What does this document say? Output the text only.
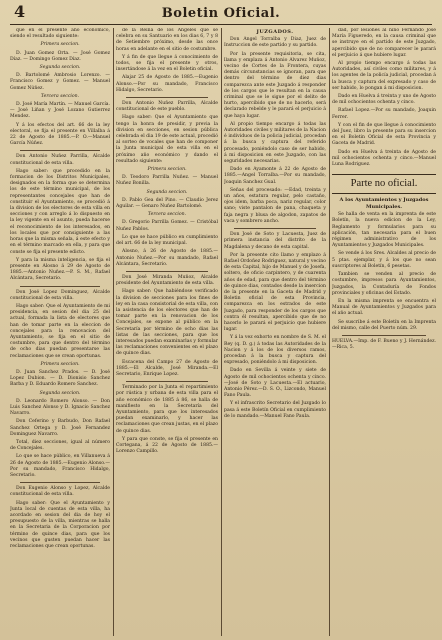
4	Boletin Oficial.

qué en el presente año económico, siendo el resultado siguiente:

Primera seccion.

D. Juan Gomez Orta. — José Gomez Díaz. — Domingo Gomez Díaz.

Segunda seccion.

D. Bartolomé Ambrosio Lorenzo. — Francisco Gomez y Gomez. — Manuel Gomez Núñez.

Tercera seccion.

D. José María Martín. — Manuel García. — José Liñan y José Lozano Gutierrez Mendez.

Y á los efectos del art. 66 de la ley electoral, se fija el presente en Villalba á 22 de Agosto de 1885.—P. O.—Manuel García Núñez.

Don Antonio Nuñez Parrilla, Alcalde constitucional de esta villa.

Hago saber: que procedido en la formacion de los Distritos Municipales, designados en la forma que se determina los de este término municipal, de los representantes concejales que han de constituir el Ayuntamiento, se procedió á la division de los electores de esta villa en secciones y con arreglo á lo dispuesto en la ley vigente en el asunto, pueda hacerse el reconocimiento de los interesados, en los locales que por consiguiente a las horas que la misma señala, á este efecto y en el término marcado en ella, y para que conste se fija el presente edicto.

Y para la misma inteligencia, se fija el presente en Alosno á 29 de Agosto de 1885.—Antonio Nuñez.—P. S. M., Rafael Alcántara, Secretario.

Don José Lopez Dominguez, Alcalde constitucional de esta villa.

Hago saber: Que el Ayuntamiento de mi presidencia, en sesion del dia 25 del actual, formada la lista de electores que han de tomar parte en la eleccion de concejales para la renovacion del Ayuntamiento, se fija en el sitio de costumbre, para que dentro del término de ocho dias puedan presentarse las reclamaciones que se crean oportunas.

Primera seccion.

D. Juan Sanchez Prados. — D. José Lopez Dubion. — D. Dionisio Sanchez Barba y D. Eduardo Romero Sanchez.

Segunda seccion.

D. Leonardo Romero Alonso. — Don Luis Sanchez Alonso y D. Ignacio Sanchez Navarro.

Don Ceferino y Barbudo, Don Rafael Sanchez Ortega y D. José Fernandez Dominguez Navarro.

Total, diez secciones, igual al número de Concejales.

Lo que se hace público, en Villanueva á 26 de Agosto de 1885.—Eugenio Alonso.—Por su mandado, Francisco Hidalgo, Secretario.

Don Eugenio Alonso y Lopez, Alcalde constitucional de esta villa.

Hago saber: Que el Ayuntamiento y Junta local de cuentas de esta villa, ha acordado en sesion del dia de hoy el presupuesto de la villa, mientras se halla en la Secretaria de la Corporacion por término de quince dias, para que los vecinos que gusten puedan hacer las reclamaciones que crean oportunas.

de la Reina de los Angeles que se celebra en su Santuario en los dias 6, 7 y 8 de Setiembre próximo, desde las once horas en adelante en el sitio de costumbre.

Y á fin de que llegue á conocimiento de todos, se fija el presente y otros, insertándose á la vez en el Boletin oficial.

Alajar 25 de Agosto de 1885.—Eugenio Alonso.—Por su mandado, Francisco Hidalgo, Secretario.

Don Antonio Nuñez Parrilla, Alcalde constitucional de este pueblo.

Hago saber: Que el Ayuntamiento que tengo la honra de presidir, y previa la division en secciones, en sesion pública celebrada el dia 19 de este actual, procedió al sorteo de vocales que han de componer la Junta municipal de esta villa en el próximo año económico y dando el resultado siguiente:

Primera seccion.

D. Teodoro Parrilla Nuñez. — Manuel Nuñez Bonilla.

Segunda seccion.

D. Pablo Gea del Pino. — Claudio Jerez Aguilar. — Genaro Nuñez Bartolomé.

Tercera seccion.

D. Gregorio Parrilla Gomez. — Cristóbal Nuñez Pablos.

Lo que se hace público en cumplimiento del art. 66 de la ley municipal.

Alosno, á 26 de Agosto de 1885.—Antonio Nuñez.—Por su mandado, Rafael Alcántara, Secretario.

Don José Miranda Muñoz, Alcalde presidente del Ayuntamiento de esta villa.

Hago saber: Que habiéndose verificado la division de secciones para los fines de ley en la casa consistorial de esta villa, con la asistencia de los electores que han de tomar parte en la renovacion de los Concejales, se expone al público en la Secretaría por término de ocho dias las listas de las secciones, para que los interesados puedan examinarlas y formular las reclamaciones convenientes en el plazo de quince dias.

Escacena del Campo 27 de Agosto de 1885.—El Alcalde, José Miranda.—El Secretario, Enrique Lopez.

Terminado por la Junta el repartimiento por rústica y urbana de esta villa para el año económico de 1885 á 86, se halla de manifiesto en la Secretaría del Ayuntamiento, para que los interesados puedan examinarlo, y hacer las reclamaciones que crean justas, en el plazo de quince dias.

Y para que conste, se fija el presente en Cortegana, á 22 de Agosto de 1885.—Lorenzo Campillo.

JUZGADOS.

Don Angel Torralba y Diaz, Juez de Instruccion de este partido y su partido.

Por la presente requisitoria, se cita, llama y emplaza á Antonio Alvarez Muñoz, vecino de Cortes de la Frontera, cuyas demás circunstancias se ignoran, para que dentro del término de diez dias comparezca ante este Juzgado á responder de los cargos que le resultan en la causa criminal que se le sigue por el delito de hurto, apercibido que de no hacerlo, será declarado rebelde y le parará el perjuicio á que haya lugar.

Al propio tiempo encargo á todas las Autoridades civiles y militares de la Nacion é individuos de la policia judicial, procedan á la busca y captura del referido procesado, poniéndolo caso de ser habido, á mi disposicion en este Juzgado, con las seguridades necesarias.

Dado en Ayamonte á 22 de Agosto de 1885.—Angel Torralba.—Por su mandado, Joaquin Sanchez Gual.

Señas del procesado: —Edad, treinta y un años, estatura regular, pelo castaño, ojos idem, barba poca, nariz regular, color sano; viste pantalon de pana, chaqueta y faja negra y blusa de algodon, zapatos de vaca y sombrero ancho.

Don José de Soto y Lacuesta, Juez de primera instancia del distrito de la Magdalena y decano de esta capital.

Por la presente cito llamo y emplazo á Rafael Ordoñez Rodriguez, natural y vecino de esta Capital, hijo de Manuel y de Josefa, soltero, de oficio carpintero, y de cuarenta años de edad, para que dentro del término de quince dias, contados desde la insercion de la presente en la Gaceta de Madrid y Boletin oficial de esta Provincia, comparezca en los estrados de este Juzgado, para responder de los cargos que contra él resultan, apercibido que de no hacerlo le parará el perjuicio que hubiere lugar.

Y á la vez exhorto en nombre de S. M. el Rey (q. D. g.) á todas las Autoridades de la Nacion y á los de los diversos ramos, procedan á la busca y captura del expresado, poniéndolo á mi disposicion.

Dado en Sevilla á veinte y siete de Agosto de mil ochocientos ochenta y cinco.—José de Soto y Lacuesta.—El actuario, Antonio Pérez.—D. S. O., Lizcondo, Manuel Fano Paula.

Y el infrascrito Secretario del Juzgado lo pasa á este Boletín Oficial en cumplimiento de lo mandado.—Manuel Fano Paula.

dad, por lesiones al niño Fernando José María Figueredo, en la causa criminal que se instruye en el partido de este Juzgado, apercibido que de no comparecer le parará el perjuicio á que hubiere lugar.

Al propio tiempo encargo á todas las Autoridades, así civiles como militares, y á los agentes de la policía judicial, procedan á la busca y captura del expresado y caso de ser habido, lo pongan á mi disposicion.

Dado en Huelva á treinta y uno de Agosto de mil ochocientos ochenta y cinco.

Rafael Lopez.—Por su mandado, Joaquin Ferrer.

Y con el fin de que llegue á conocimiento del Juez, libro la presente para su insercion en el Boletin Oficial de esta Provincia y Gaceta de Madrid.

Dado en Huelva á treinta de Agosto de mil ochocientos ochenta y cinco.—Manuel Luna Rodriguez.

Parte no oficial.

A los Ayuntamientos y Juzgados Municipales.

Se halla de venta en la imprenta de este Boletín, la nueva edicion de la Ley, Reglamento y formularios para su aplicación, tan necesaria para el buen régimen administrativo de los Ayuntamientos y Juzgados Municipales.

Se vende á los Sres. Alcaldes al precio de 5 ptas. ejemplar, y á los que no sean suscriptores al Boletín, 6 pesetas.

Tambien se venden al precio de costumbre, impresos para Ayuntamientos, Juzgados, la Contaduría de Fondos provinciales y oficinas del Estado.

En la misma imprenta se encuentra el Manual de Ayuntamientos y Juzgados para el año actual.

Se suscribe á este Boletín en la Imprenta del mismo, calle del Puerto núm. 29.

HUELVA.—Imp. de F. Bueno y J. Hernández.—Rica, 5.
